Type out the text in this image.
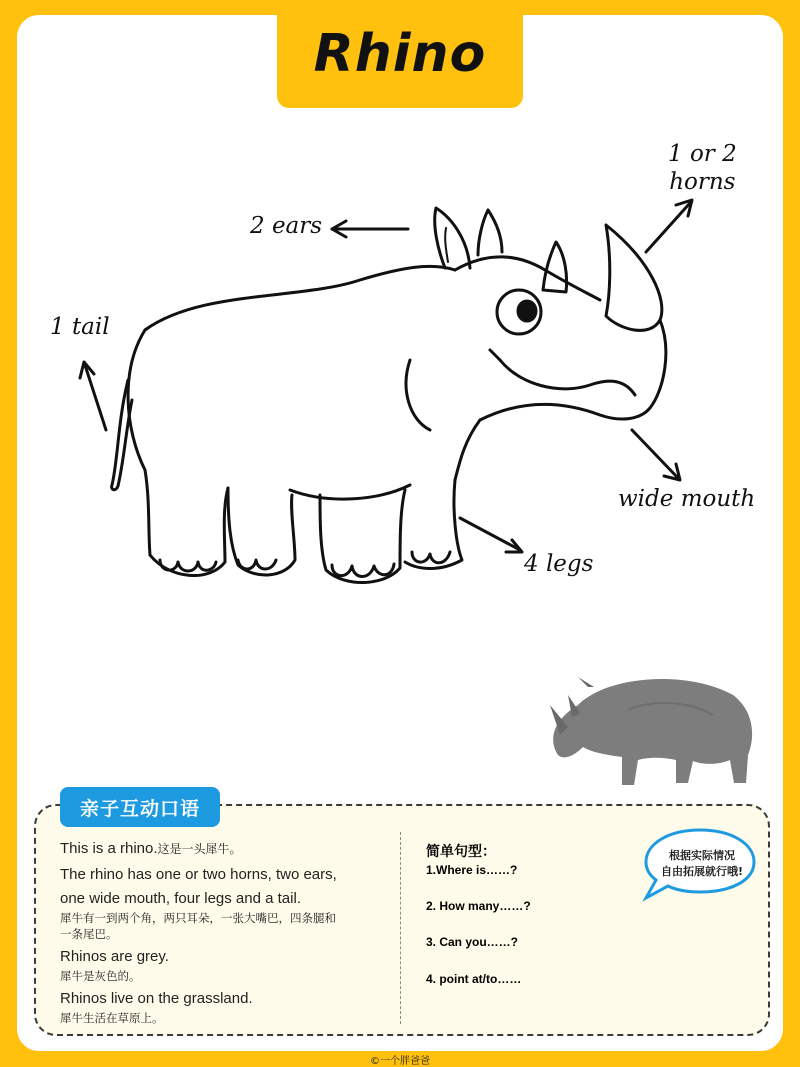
Rhino
1 or 2
horns
2 ears
1 tail
wide mouth
4 legs
亲子互动口语
This is a rhino.这是一头犀牛。
The rhino has one or two horns, two ears,
one wide mouth, four legs and a tail.
犀牛有一到两个角，两只耳朵，一张大嘴巴，四条腿和
一条尾巴。
Rhinos are grey.
犀牛是灰色的。
Rhinos live on the grassland.
犀牛生活在草原上。
简单句型：
1.Where is……?
2. How many……?
3. Can you……?
4. point at/to……
根据实际情况
自由拓展就行哦!
©一个胖爸爸
